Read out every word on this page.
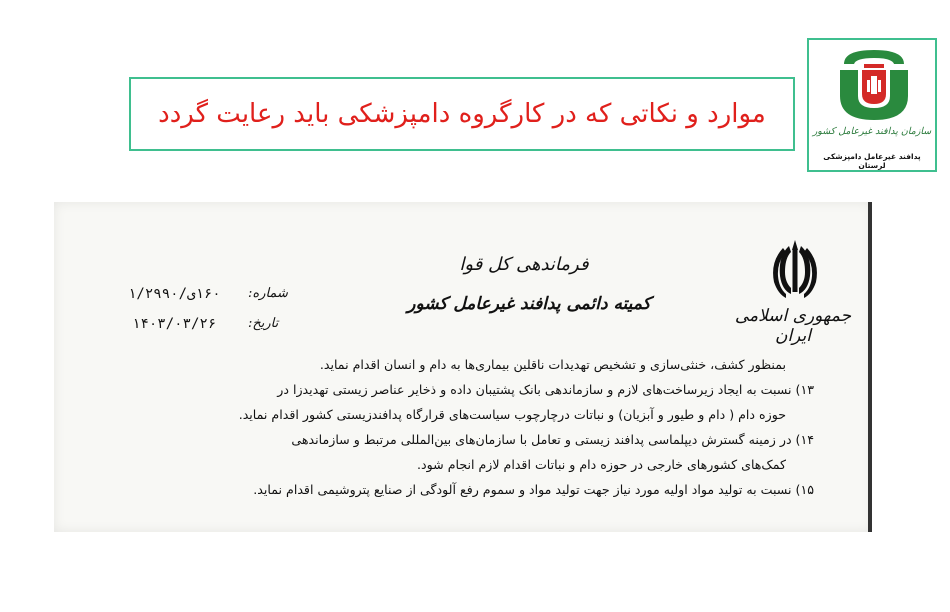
موارد و نکاتی که در کارگروه دامپزشکی باید رعایت گردد
سازمان پدافند غیرعامل کشور
پدافند غیرعامل دامپزشکی لرستان
جمهوری اسلامی ایران
فرماندهی کل قوا
کمیته دائمی پدافند غیرعامل کشور
شماره:
۱۶۰ی/۱/۲۹۹۰
تاریخ:
۱۴۰۳/۰۳/۲۶

بمنظور کشف، خنثی‌سازی و تشخیص تهدیدات ناقلین بیماری‌ها به دام و انسان اقدام نماید.

۱۳) نسبت به ایجاد زیرساخت‌های لازم و سازماندهی بانک پشتیبان داده و ذخایر عناصر زیستی تهدیدزا در

حوزه دام ( دام و طیور و آبزیان) و نباتات درچارچوب سیاست‌های قرارگاه پدافندزیستی کشور اقدام نماید.

۱۴) در زمینه گسترش دیپلماسی پدافند زیستی و تعامل با سازمان‌های بین‌المللی مرتبط و سازماندهی

کمک‌های کشورهای خارجی در حوزه دام و نباتات اقدام لازم انجام شود.

۱۵) نسبت به تولید مواد اولیه مورد نیاز جهت تولید مواد و سموم رفع آلودگی از صنایع پتروشیمی اقدام نماید.
